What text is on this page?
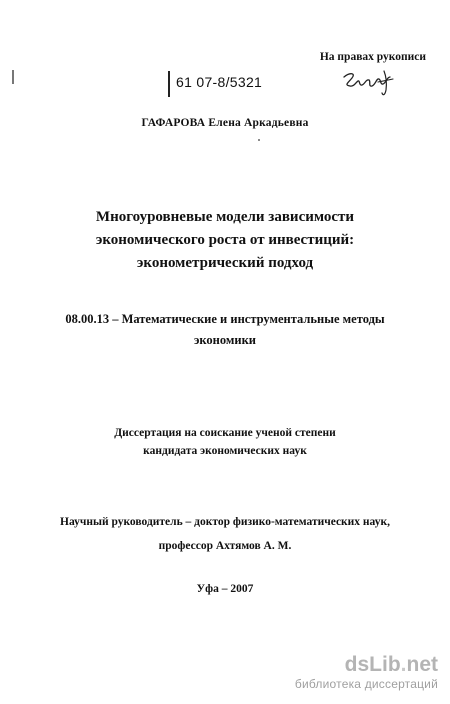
На правах рукописи
61 07-8/5321
ГАФАРОВА Елена Аркадьевна
Многоуровневые модели зависимости
экономического роста от инвестиций:
эконометрический подход
08.00.13 – Математические и инструментальные методы
экономики
Диссертация на соискание ученой степени
кандидата экономических наук
Научный руководитель – доктор физико-математических наук,
профессор Ахтямов А. М.
Уфа – 2007
dsLib.net
библиотека диссертаций
